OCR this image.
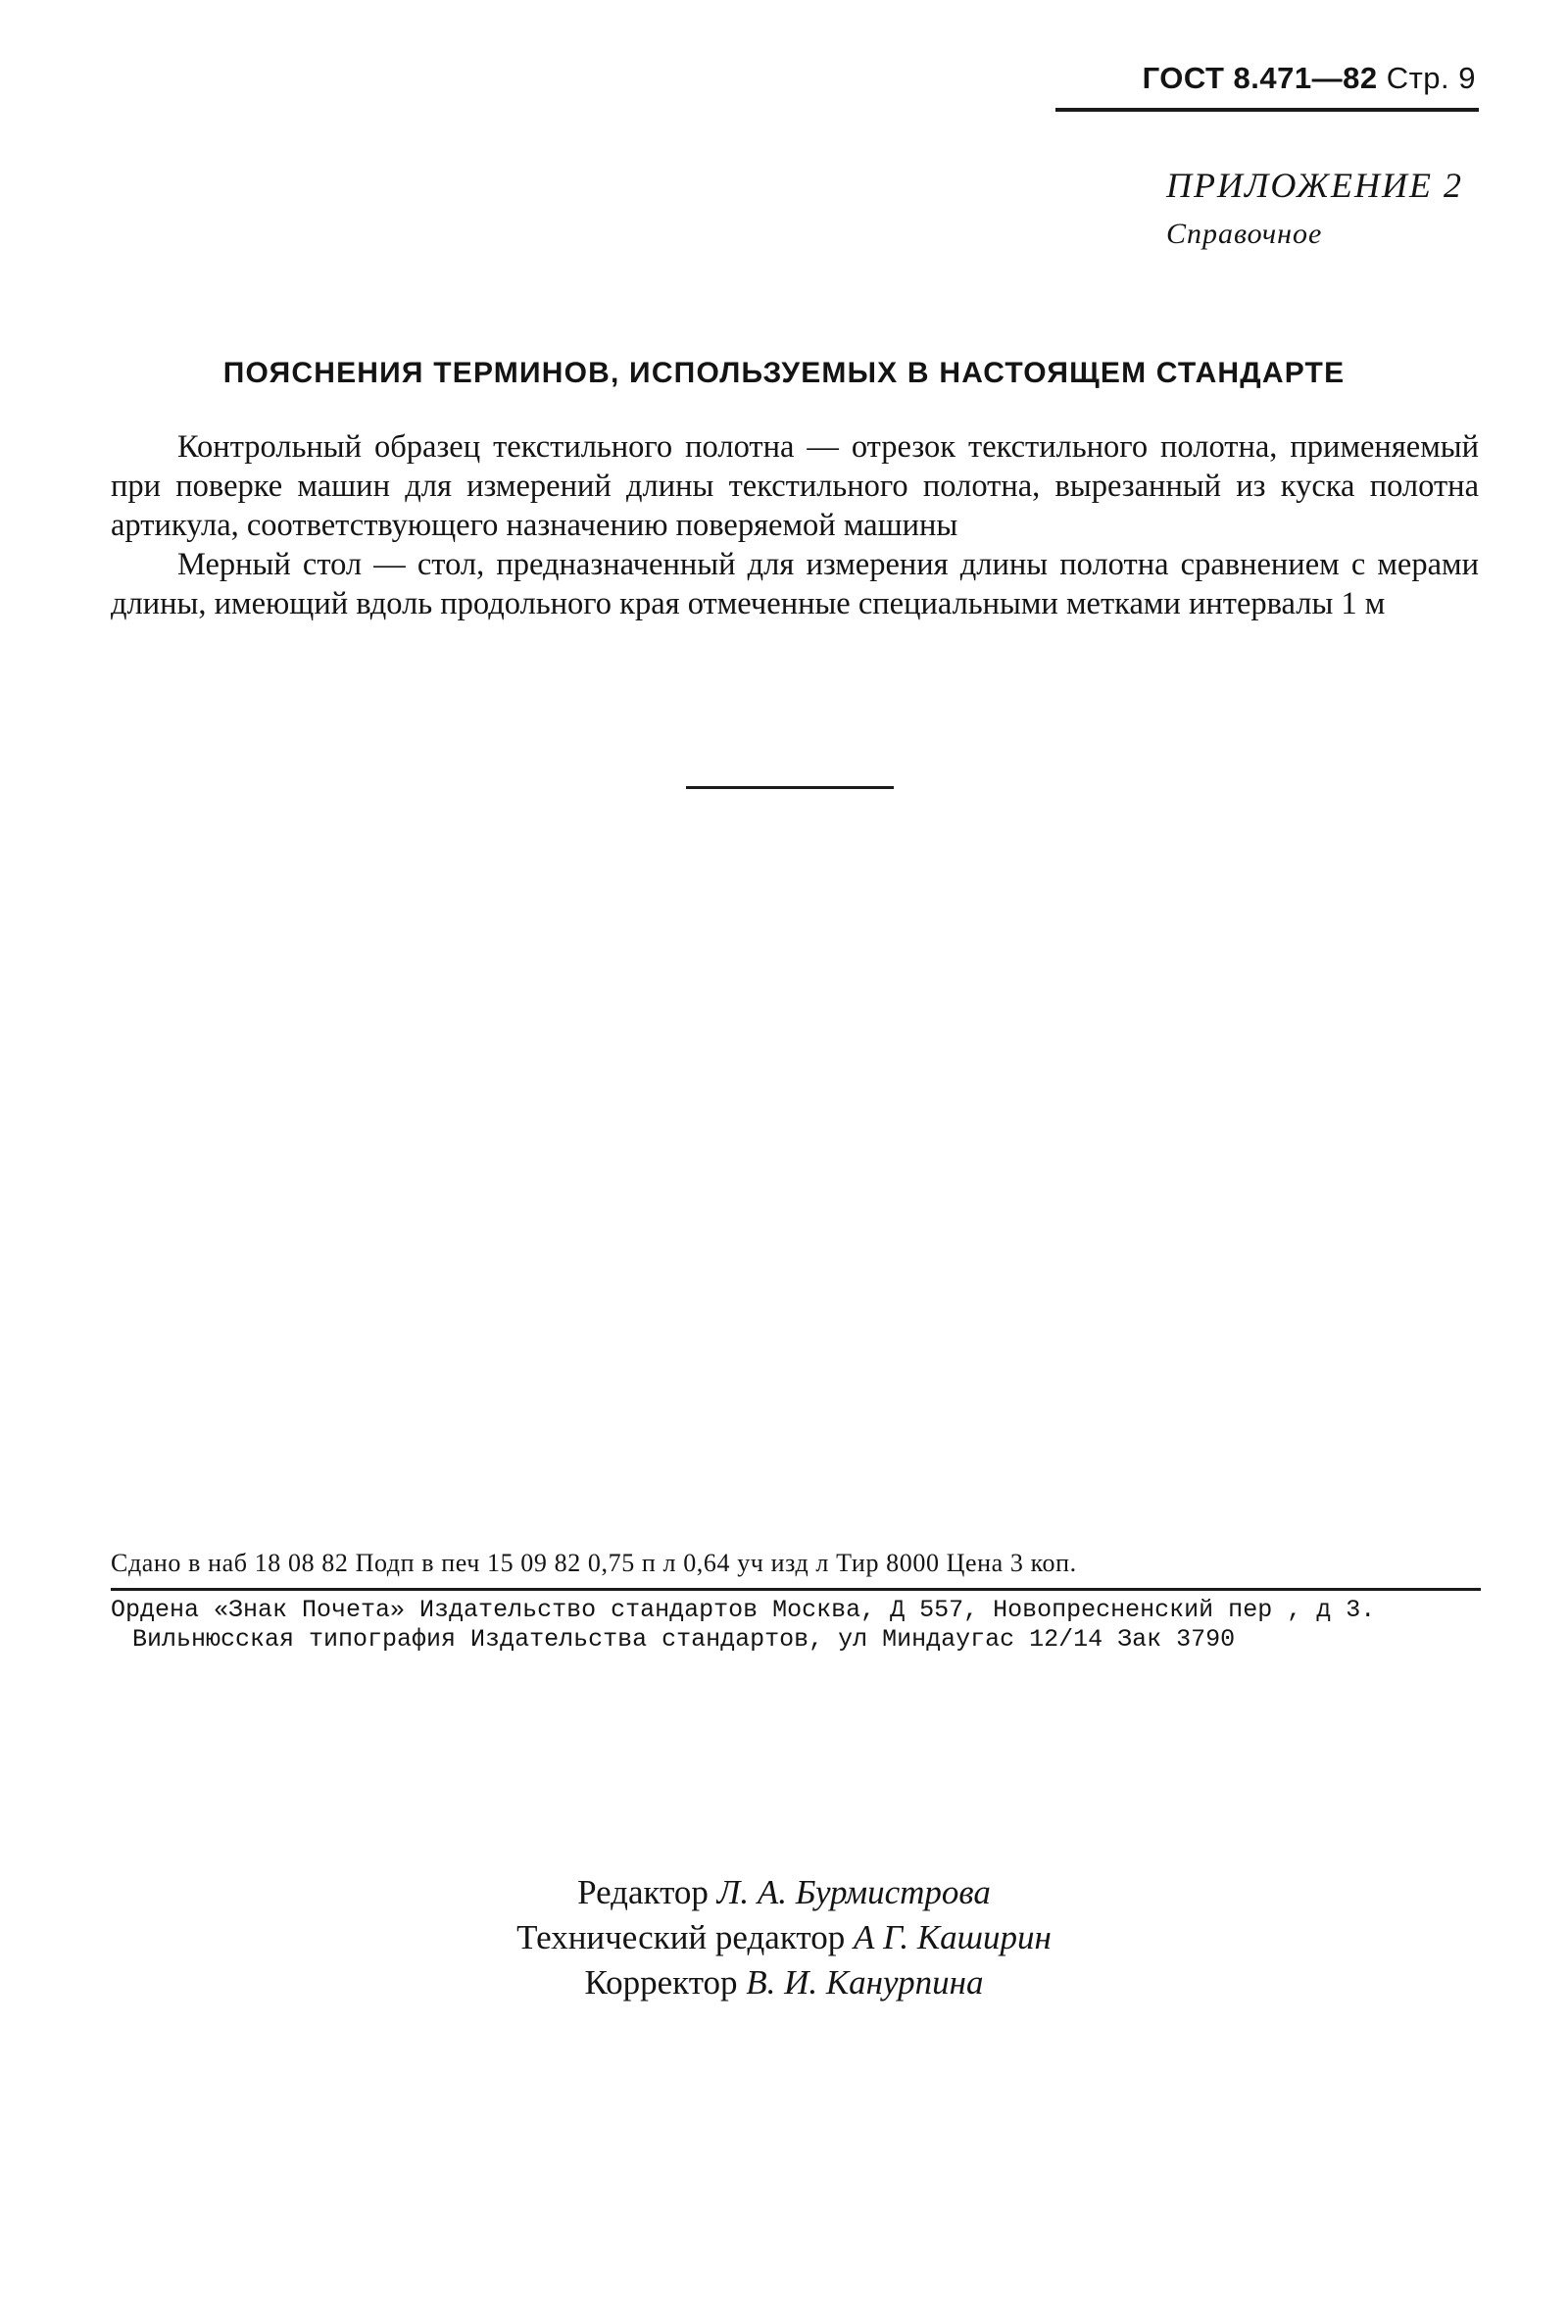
ГОСТ 8.471—82 Стр. 9
ПРИЛОЖЕНИЕ 2
Справочное
ПОЯСНЕНИЯ ТЕРМИНОВ, ИСПОЛЬЗУЕМЫХ В НАСТОЯЩЕМ СТАНДАРТЕ

Контрольный образец текстильного полотна — отрезок текстильного полотна, применяемый при поверке машин для измерений длины текстильного полотна, вырезанный из куска полотна артикула, соответствующего назначению поверяемой машины

Мерный стол — стол, предназначенный для измерения длины полотна сравнением с мерами длины, имеющий вдоль продольного края отмеченные специальными метками интервалы 1 м

Редактор Л. А. Бурмистрова
Технический редактор А Г. Каширин
Корректор В. И. Канурпина
Сдано в наб 18 08 82 Подп в печ 15 09 82 0,75 п л 0,64 уч изд л Тир 8000 Цена 3 коп.
Ордена «Знак Почета» Издательство стандартов Москва, Д 557, Новопресненский пер , д 3.
Вильнюсская типография Издательства стандартов, ул Миндаугас 12/14 Зак 3790
